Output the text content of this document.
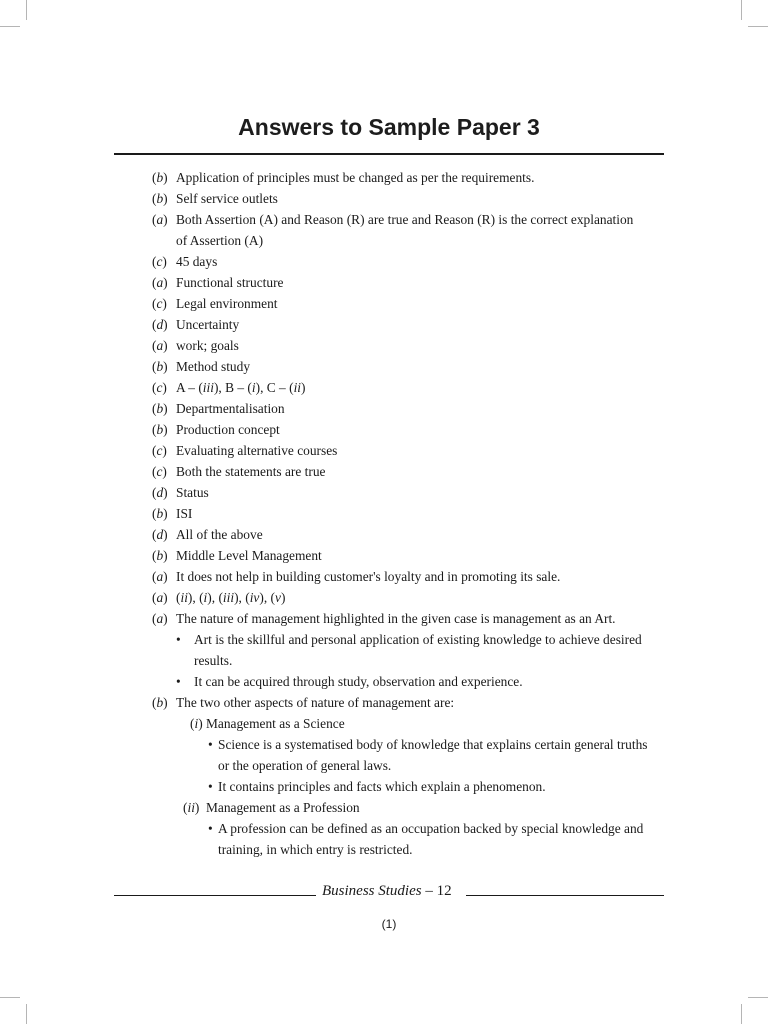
Answers to Sample Paper 3
(b) Application of principles must be changed as per the requirements.
(b) Self service outlets
(a) Both Assertion (A) and Reason (R) are true and Reason (R) is the correct explanation
of Assertion (A)
(c) 45 days
(a) Functional structure
(c) Legal environment
(d) Uncertainty
(a) work; goals
(b) Method study
(c) A – (iii), B – (i), C – (ii)
(b) Departmentalisation
(b) Production concept
(c) Evaluating alternative courses
(c) Both the statements are true
(d) Status
(b) ISI
(d) All of the above
(b) Middle Level Management
(a) It does not help in building customer's loyalty and in promoting its sale.
(a) (ii), (i), (iii), (iv), (v)
(a) The nature of management highlighted in the given case is management as an Art.
• Art is the skillful and personal application of existing knowledge to achieve desired
results.
• It can be acquired through study, observation and experience.
(b) The two other aspects of nature of management are:
(i) Management as a Science
• Science is a systematised body of knowledge that explains certain general truths
or the operation of general laws.
• It contains principles and facts which explain a phenomenon.
(ii) Management as a Profession
• A profession can be defined as an occupation backed by special knowledge and
training, in which entry is restricted.
Business Studies – 12
(1)
